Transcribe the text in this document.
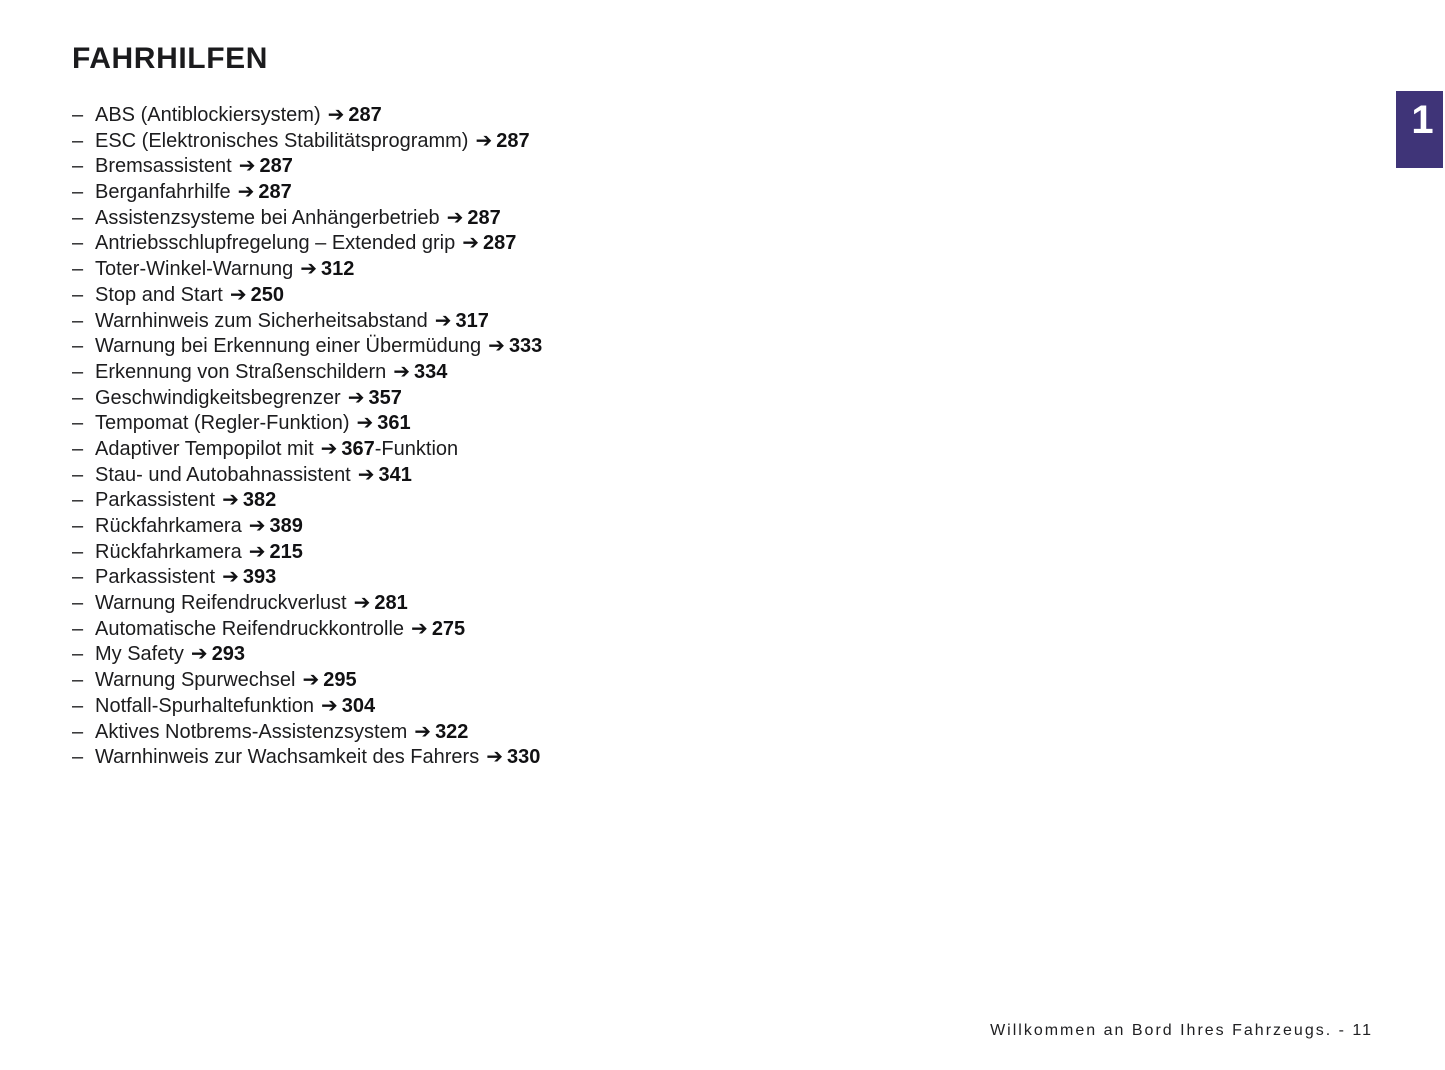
FAHRHILFEN
– ABS (Antiblockiersystem) ➔ 287
– ESC (Elektronisches Stabilitätsprogramm) ➔ 287
– Bremsassistent ➔ 287
– Berganfahrhilfe ➔ 287
– Assistenzsysteme bei Anhängerbetrieb ➔ 287
– Antriebsschlupfregelung – Extended grip ➔ 287
– Toter-Winkel-Warnung ➔ 312
– Stop and Start ➔ 250
– Warnhinweis zum Sicherheitsabstand ➔ 317
– Warnung bei Erkennung einer Übermüdung ➔ 333
– Erkennung von Straßenschildern ➔ 334
– Geschwindigkeitsbegrenzer ➔ 357
– Tempomat (Regler-Funktion) ➔ 361
– Adaptiver Tempopilot mit ➔ 367-Funktion
– Stau- und Autobahnassistent ➔ 341
– Parkassistent ➔ 382
– Rückfahrkamera ➔ 389
– Rückfahrkamera ➔ 215
– Parkassistent ➔ 393
– Warnung Reifendruckverlust ➔ 281
– Automatische Reifendruckkontrolle ➔ 275
– My Safety ➔ 293
– Warnung Spurwechsel ➔ 295
– Notfall-Spurhaltefunktion ➔ 304
– Aktives Notbrems-Assistenzsystem ➔ 322
– Warnhinweis zur Wachsamkeit des Fahrers ➔ 330
1
Willkommen an Bord Ihres Fahrzeugs. - 11
